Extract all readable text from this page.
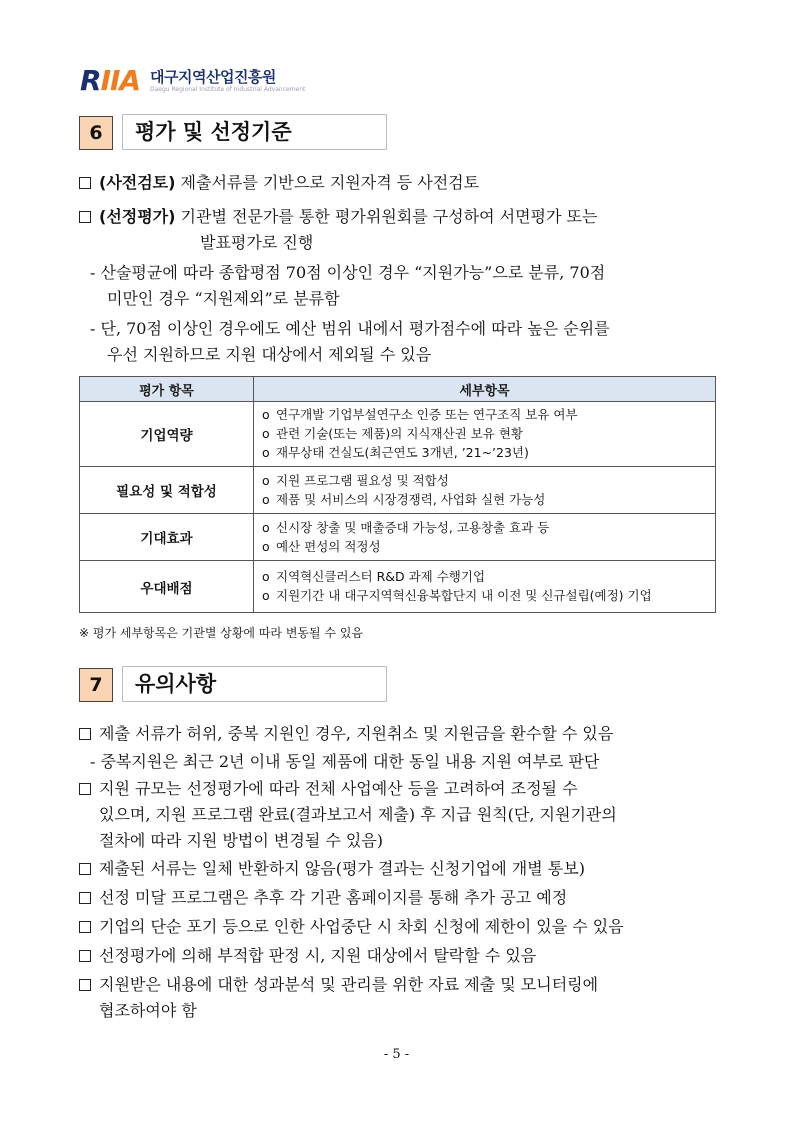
RIIA 대구지역산업진흥원
Daegu Regional Institute of Industrial Advancement
6	평가 및 선정기준
(사전검토) 제출서류를 기반으로 지원자격 등 사전검토
(선정평가) 기관별 전문가를 통한 평가위원회를 구성하여 서면평가 또는
발표평가로 진행
- 산술평균에 따라 종합평점 70점 이상인 경우 “지원가능”으로 분류, 70점
미만인 경우 “지원제외”로 분류함
- 단, 70점 이상인 경우에도 예산 범위 내에서 평가점수에 따라 높은 순위를
우선 지원하므로 지원 대상에서 제외될 수 있음
평가 항목	세부항목
기업역량	o 연구개발 기업부설연구소 인증 또는 연구조직 보유 여부
o 관련 기술(또는 제품)의 지식재산권 보유 현황
o 재무상태 건실도(최근연도 3개년, ’21~’23년)

필요성 및 적합성	o 지원 프로그램 필요성 및 적합성
o 제품 및 서비스의 시장경쟁력, 사업화 실현 가능성

기대효과	o 신시장 창출 및 매출증대 가능성, 고용창출 효과 등
o 예산 편성의 적정성

우대배점	o 지역혁신클러스터 R&D 과제 수행기업
o 지원기간 내 대구지역혁신융복합단지 내 이전 및 신규설립(예정) 기업
※ 평가 세부항목은 기관별 상황에 따라 변동될 수 있음
7	유의사항
제출 서류가 허위, 중복 지원인 경우, 지원취소 및 지원금을 환수할 수 있음
- 중복지원은 최근 2년 이내 동일 제품에 대한 동일 내용 지원 여부로 판단
지원 규모는 선정평가에 따라 전체 사업예산 등을 고려하여 조정될 수
있으며, 지원 프로그램 완료(결과보고서 제출) 후 지급 원칙(단, 지원기관의
절차에 따라 지원 방법이 변경될 수 있음)
제출된 서류는 일체 반환하지 않음(평가 결과는 신청기업에 개별 통보)
선정 미달 프로그램은 추후 각 기관 홈페이지를 통해 추가 공고 예정
기업의 단순 포기 등으로 인한 사업중단 시 차회 신청에 제한이 있을 수 있음
선정평가에 의해 부적합 판정 시, 지원 대상에서 탈락할 수 있음
지원받은 내용에 대한 성과분석 및 관리를 위한 자료 제출 및 모니터링에
협조하여야 함
- 5 -
